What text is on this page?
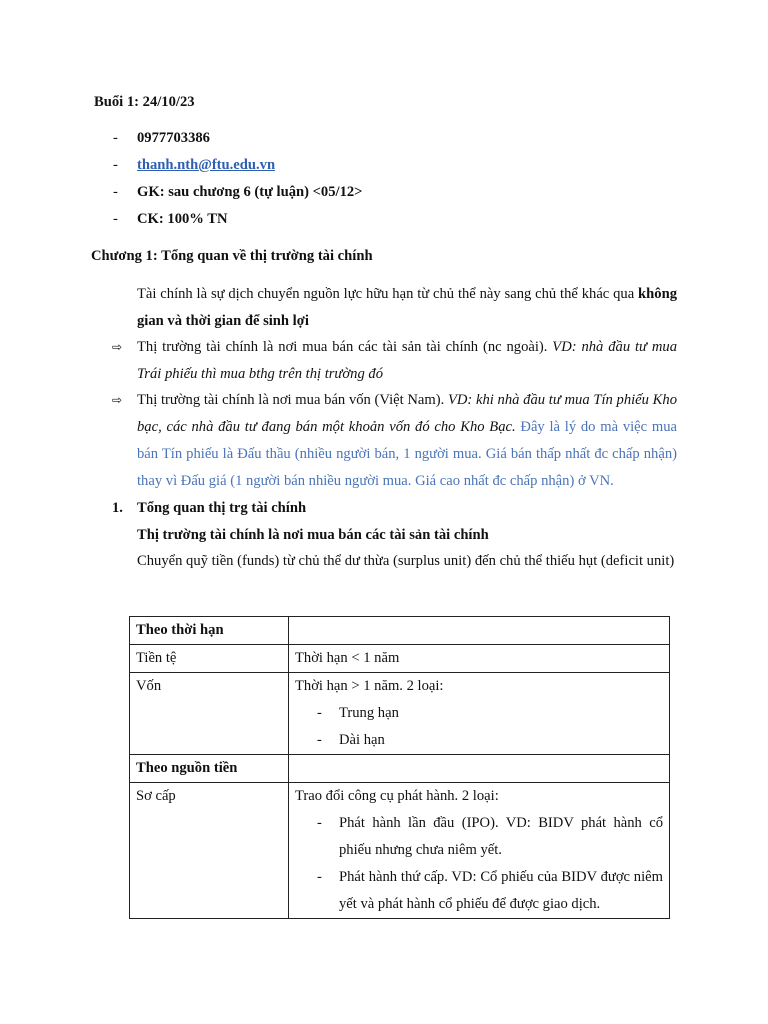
Buổi 1: 24/10/23
- 0977703386
- thanh.nth@ftu.edu.vn
- GK: sau chương 6 (tự luận) <05/12>
- CK: 100% TN
Chương 1: Tổng quan về thị trường tài chính
Tài chính là sự dịch chuyển nguồn lực hữu hạn từ chủ thể này sang chủ thể khác qua không gian và thời gian để sinh lợi
⇨ Thị trường tài chính là nơi mua bán các tài sản tài chính (nc ngoài). VD: nhà đầu tư mua Trái phiếu thì mua bthg trên thị trường đó
⇨ Thị trường tài chính là nơi mua bán vốn (Việt Nam). VD: khi nhà đầu tư mua Tín phiếu Kho bạc, các nhà đầu tư đang bán một khoản vốn đó cho Kho Bạc. Đây là lý do mà việc mua bán Tín phiếu là Đấu thầu (nhiều người bán, 1 người mua. Giá bán thấp nhất đc chấp nhận) thay vì Đấu giá (1 người bán nhiều người mua. Giá cao nhất đc chấp nhận) ở VN.
1. Tổng quan thị trg tài chính
Thị trường tài chính là nơi mua bán các tài sản tài chính
Chuyển quỹ tiền (funds) từ chủ thể dư thừa (surplus unit) đến chủ thể thiếu hụt (deficit unit)
Theo thời hạn	
Tiền tệ	Thời hạn < 1 năm
Vốn	Thời hạn > 1 năm. 2 loại:
- Trung hạn
- Dài hạn

Theo nguồn tiền	
Sơ cấp	Trao đổi công cụ phát hành. 2 loại:
- Phát hành lần đầu (IPO). VD: BIDV phát hành cổ phiếu nhưng chưa niêm yết.
- Phát hành thứ cấp. VD: Cổ phiếu của BIDV được niêm yết và phát hành cổ phiếu để được giao dịch.
